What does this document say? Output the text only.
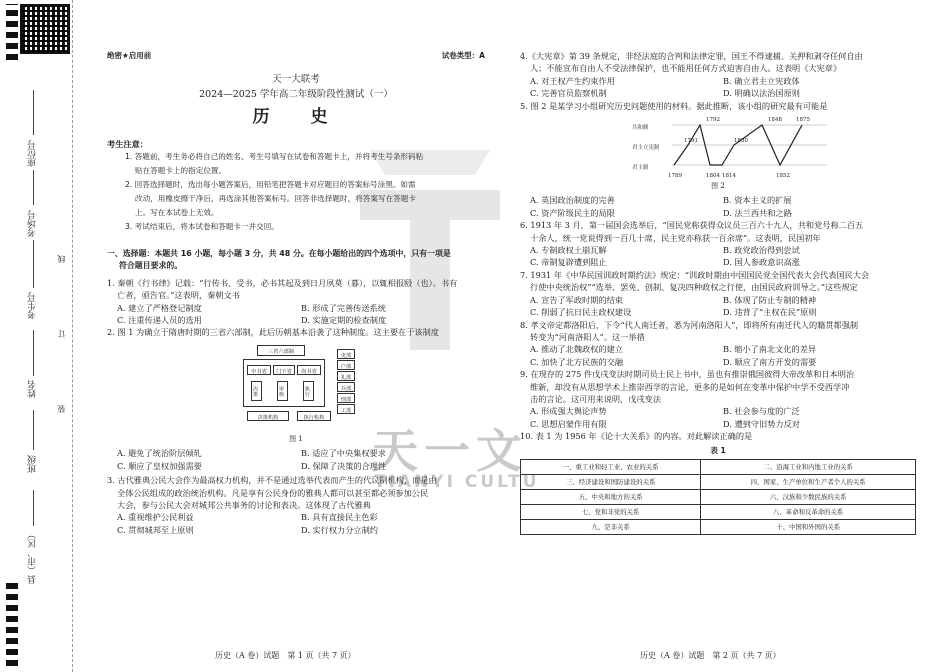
座位号
考场号
考生号
姓名
班级
县（市、区）
线
订
装
天一文
TIANYI CULTU
绝密★启用前	试卷类型：A
天一大联考
2024—2025 学年高二年级阶段性测试（一）
历　史
考生注意：

1. 答题前，考生务必将自己的姓名、考生号填写在试卷和答题卡上，并将考生号条形码粘

贴在答题卡上的指定位置。

2. 回答选择题时，选出每小题答案后，用铅笔把答题卡对应题目的答案标号涂黑。如需

改动，用橡皮擦干净后，再选涂其他答案标号。回答非选择题时，将答案写在答题卡

上。写在本试卷上无效。

3. 考试结束后，将本试卷和答题卡一并交回。

一、选择题：本题共 16 小题，每小题 3 分，共 48 分。在每小题给出的四个选项中，只有一项是

符合题目要求的。

1. 秦朝《行书律》记载：“行传书、受书，必书其起及到日月夙莫（暮），以辄相报殹（也）。书有

亡者，亟告官。”这表明，秦朝文书

A. 建立了严格登记制度	B. 形成了完善传送系统
C. 注重传递人员的选用	D. 实施定期的检查制度

2. 图 1 为确立于隋唐时期的三省六部制，此后历朝基本沿袭了这种制度。这主要在于该制度

三省六部制
中书省	门下省	尚书省
决策	审核	执行
决策机构	执行机构
吏部
户部
礼部
兵部
刑部
工部
图 1
A. 避免了统治阶层倾轧	B. 适应了中央集权要求
C. 顺应了皇权加强需要	D. 保障了决策的合理性

3. 古代雅典公民大会作为最高权力机构，并不是通过选举代表而产生的代议制机构，而是由

全体公民组成的政治统治机构。凡是享有公民身份的雅典人都可以甚至都必须参加公民

大会，参与公民大会对城邦公共事务的讨论和表决。这体现了古代雅典

A. 重视维护公民利益	B. 具有直接民主色彩
C. 贯彻城邦至上原则	D. 实行权力分立制约
历史（A 卷）试题　第 1 页（共 7 页）

4.《大宪章》第 39 条规定，非经法庭的合判和法律定罪，国王不得逮捕、关押和剥夺任何自由

人；不能宣布自由人不受法律保护，也不能用任何方式迫害自由人。这表明《大宪章》

A. 对王权产生约束作用	B. 确立君主立宪政体
C. 完善官员监察机制	D. 明确以法治国原则

5. 图 2 是某学习小组研究历史问题使用的材料。据此推断，该小组的研究最有可能是

共和制
君主立宪制
君主制
1792	1848	1875
1791	1830
1789	1804 1814	1852
图 2
A. 英国政治制度的完善	B. 资本主义的扩展
C. 资产阶级民主的局限	D. 法兰西共和之路

6. 1913 年 3 月，第一届国会选举后，“国民党称获得众议员三百六十九人，共和党号称二百五

十余人，统一党说得到一百几十席，民主党亦称获一百余席”。这表明，民国初年

A. 专制政权土崩瓦解	B. 政党政治得到尝试
C. 帝制复辟遭到阻止	D. 国人参政意识高涨

7. 1931 年《中华民国训政时期约法》规定：“训政时期由中国国民党全国代表大会代表国民大会

行使中央统治权”“选举、罢免、创制、复决四种政权之行使，由国民政府训导之。”这些规定

A. 宣告了军政时期的结束	B. 体现了防止专制的精神
C. 削弱了抗日民主政权建设	D. 违背了“主权在民”原则

8. 孝文帝定都洛阳后，下令“代人南迁者，悉为河南洛阳人”，即将所有南迁代人的籍贯都强制

转变为“河南洛阳人”。这一举措

A. 推动了北魏政权的建立	B. 缩小了南北文化的差异
C. 加快了北方民族的交融	D. 顺应了南方开发的需要

9. 在现存的 275 件戊戌变法时期司员士民上书中，虽也有推崇俄国彼得大帝改革和日本明治

维新，却没有从思想学术上推崇西学的言论，更多的是如何在变革中保护中学不受西学冲

击的言论。这可用来说明，戊戌变法

A. 形成强大舆论声势	B. 社会参与度的广泛
C. 思想启蒙作用有限	D. 遭到守旧势力反对

10. 表 1 为 1956 年《论十大关系》的内容。对此解读正确的是

表 1
一、重工业和轻工业、农业的关系	二、沿海工业和内地工业的关系
三、经济建设和国防建设的关系	四、国家、生产单位和生产者个人的关系
五、中央和地方的关系	六、汉族和少数民族的关系
七、党和非党的关系	八、革命和反革命的关系
九、是非关系	十、中国和外国的关系
历史（A 卷）试题　第 2 页（共 7 页）
